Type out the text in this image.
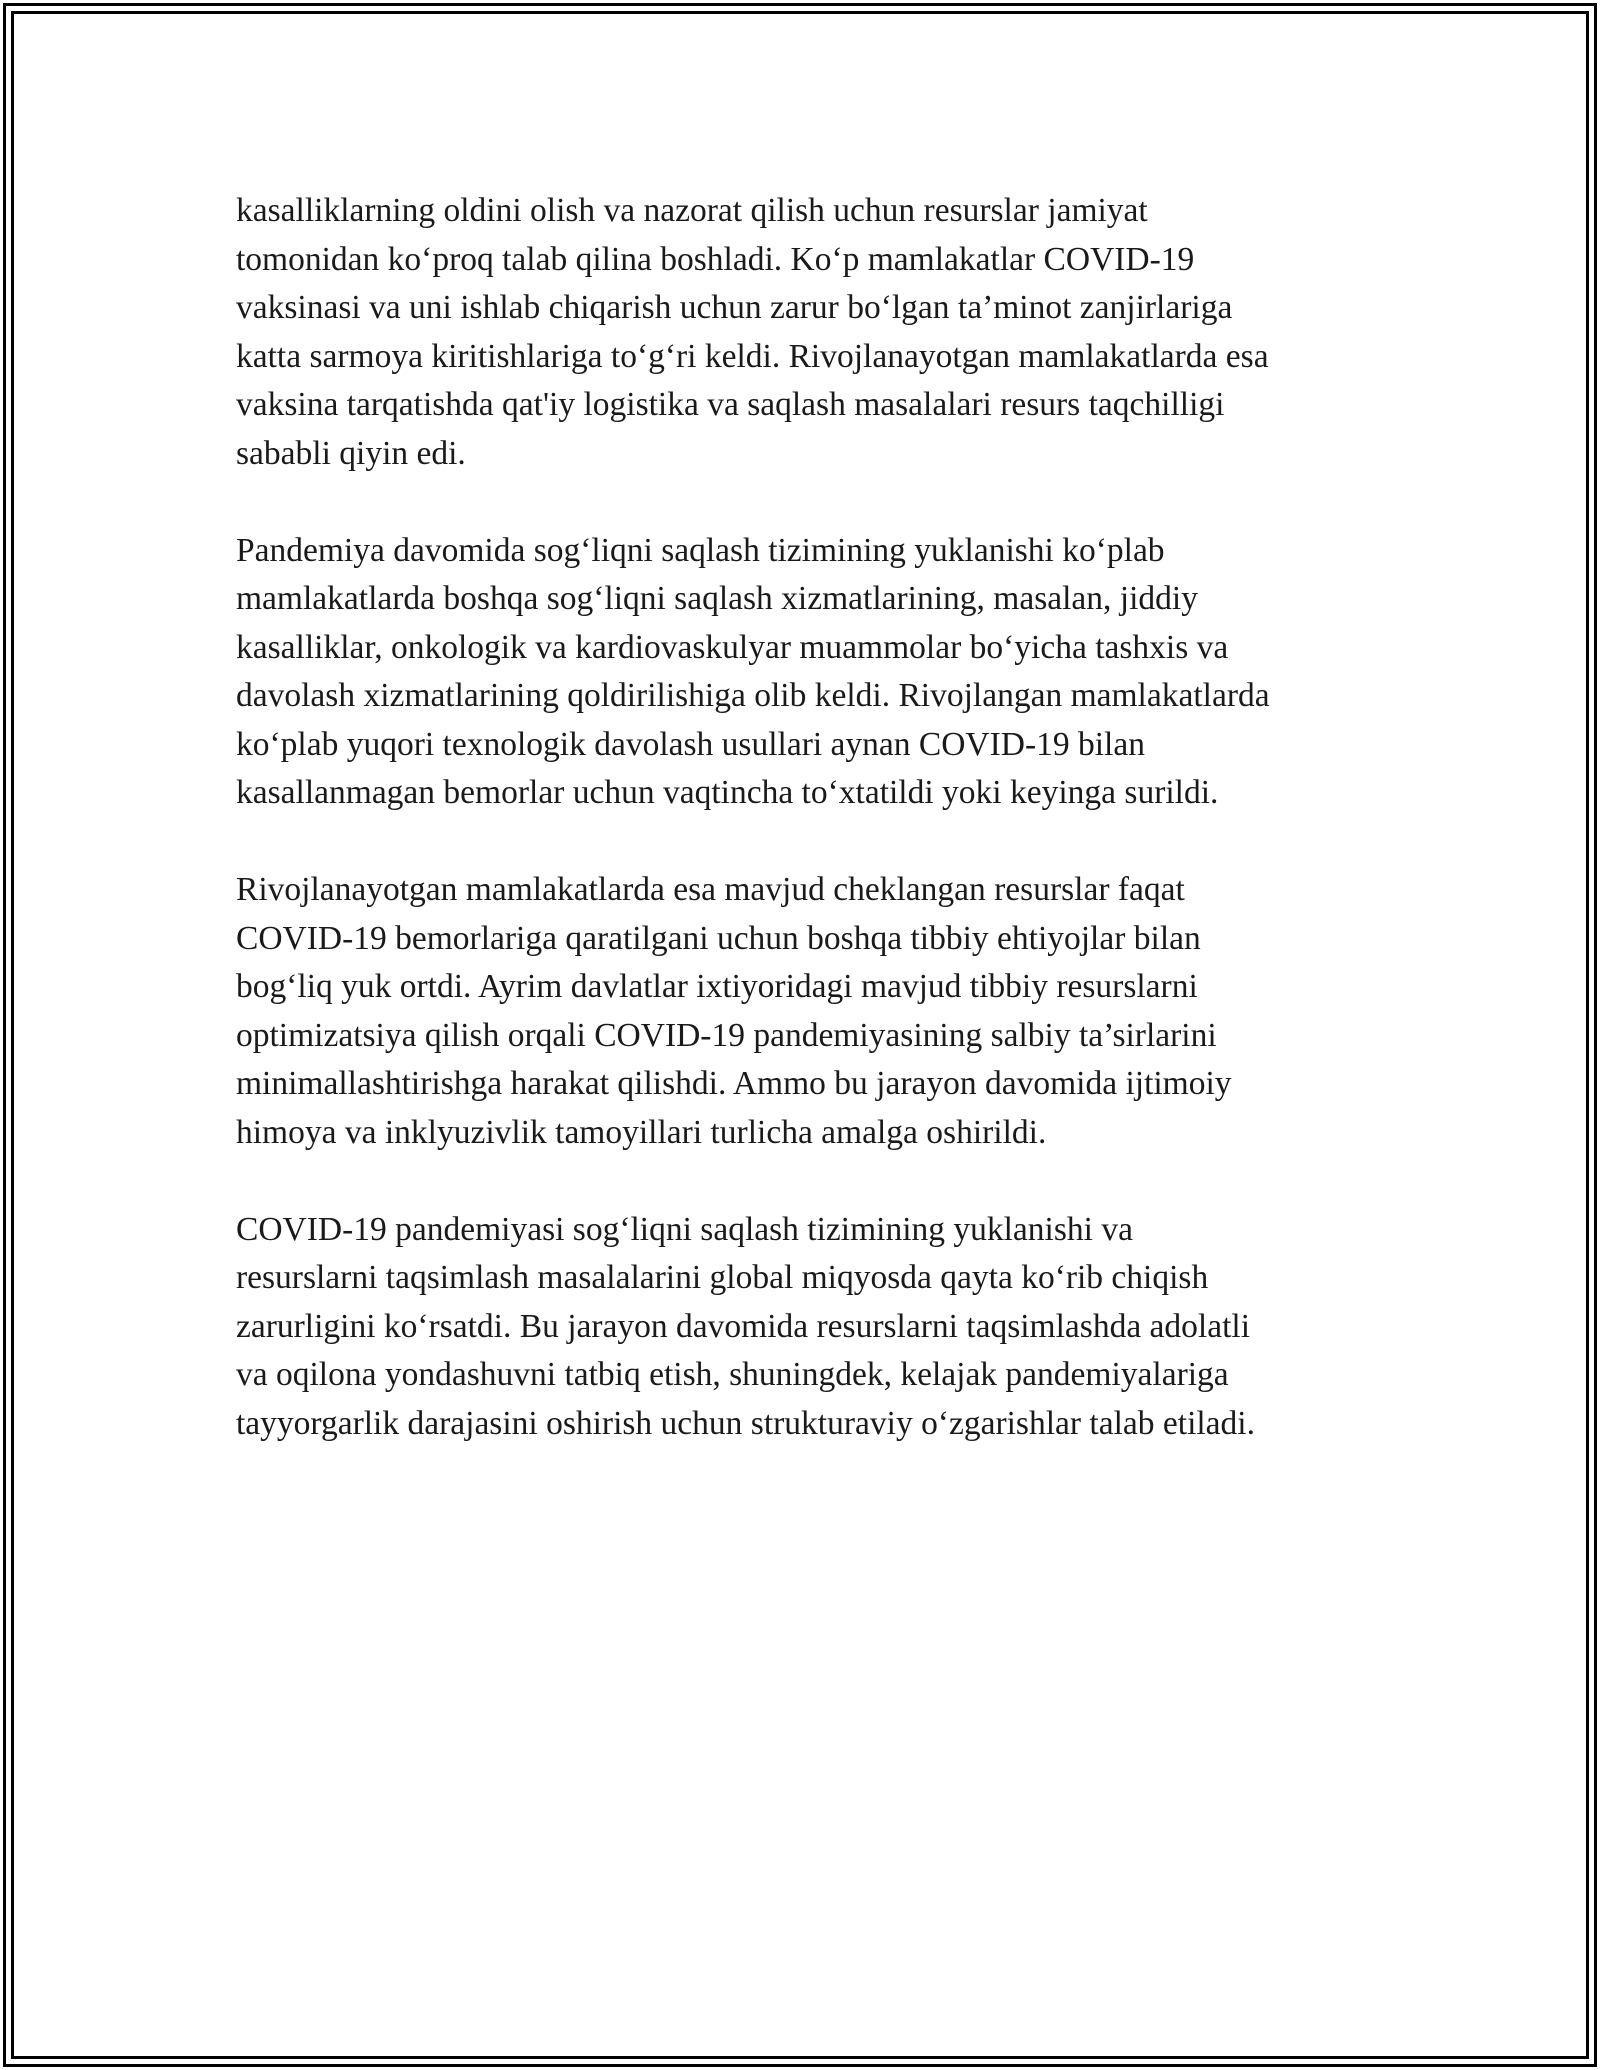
kasalliklarning oldini olish va nazorat qilish uchun resurslar jamiyat
tomonidan ko‘proq talab qilina boshladi. Ko‘p mamlakatlar COVID-19
vaksinasi va uni ishlab chiqarish uchun zarur bo‘lgan ta’minot zanjirlariga
katta sarmoya kiritishlariga to‘g‘ri keldi. Rivojlanayotgan mamlakatlarda esa
vaksina tarqatishda qat'iy logistika va saqlash masalalari resurs taqchilligi
sababli qiyin edi.

Pandemiya davomida sog‘liqni saqlash tizimining yuklanishi ko‘plab
mamlakatlarda boshqa sog‘liqni saqlash xizmatlarining, masalan, jiddiy
kasalliklar, onkologik va kardiovaskulyar muammolar bo‘yicha tashxis va
davolash xizmatlarining qoldirilishiga olib keldi. Rivojlangan mamlakatlarda
ko‘plab yuqori texnologik davolash usullari aynan COVID-19 bilan
kasallanmagan bemorlar uchun vaqtincha to‘xtatildi yoki keyinga surildi.

Rivojlanayotgan mamlakatlarda esa mavjud cheklangan resurslar faqat
COVID-19 bemorlariga qaratilgani uchun boshqa tibbiy ehtiyojlar bilan
bog‘liq yuk ortdi. Ayrim davlatlar ixtiyoridagi mavjud tibbiy resurslarni
optimizatsiya qilish orqali COVID-19 pandemiyasining salbiy ta’sirlarini
minimallashtirishga harakat qilishdi. Ammo bu jarayon davomida ijtimoiy
himoya va inklyuzivlik tamoyillari turlicha amalga oshirildi.

COVID-19 pandemiyasi sog‘liqni saqlash tizimining yuklanishi va
resurslarni taqsimlash masalalarini global miqyosda qayta ko‘rib chiqish
zarurligini ko‘rsatdi. Bu jarayon davomida resurslarni taqsimlashda adolatli
va oqilona yondashuvni tatbiq etish, shuningdek, kelajak pandemiyalariga
tayyorgarlik darajasini oshirish uchun strukturaviy o‘zgarishlar talab etiladi.
